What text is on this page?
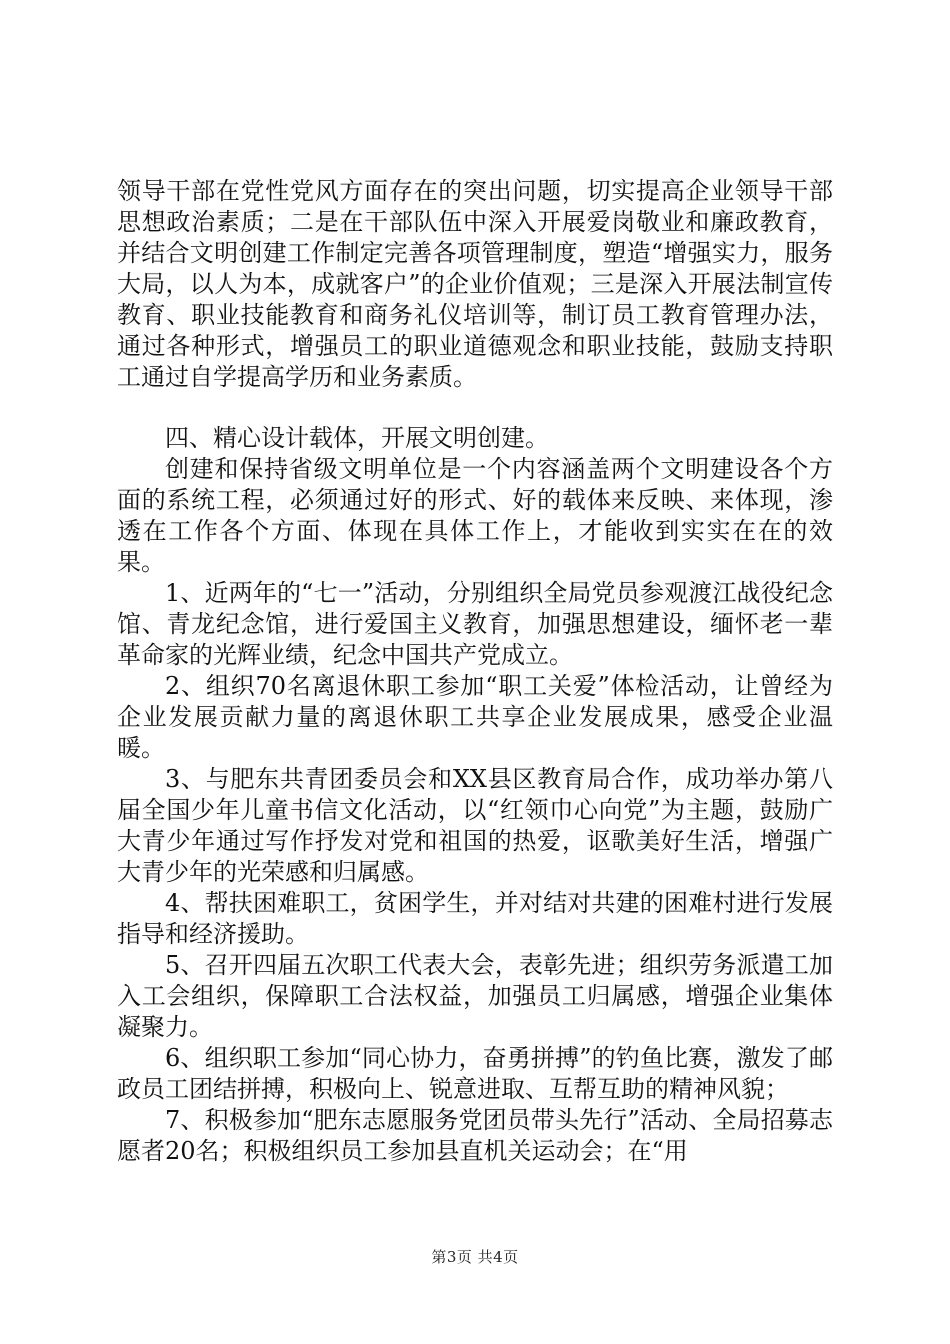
领导干部在党性党风方面存在的突出问题，切实提高企业领导干部思想政治素质；二是在干部队伍中深入开展爱岗敬业和廉政教育，并结合文明创建工作制定完善各项管理制度，塑造“增强实力，服务大局，以人为本，成就客户”的企业价值观；三是深入开展法制宣传教育、职业技能教育和商务礼仪培训等，制订员工教育管理办法，通过各种形式，增强员工的职业道德观念和职业技能，鼓励支持职工通过自学提高学历和业务素质。

四、精心设计载体，开展文明创建。

创建和保持省级文明单位是一个内容涵盖两个文明建设各个方面的系统工程，必须通过好的形式、好的载体来反映、来体现，渗透在工作各个方面、体现在具体工作上，才能收到实实在在的效果。

1、近两年的“七一”活动，分别组织全局党员参观渡江战役纪念馆、青龙纪念馆，进行爱国主义教育，加强思想建设，缅怀老一辈革命家的光辉业绩，纪念中国共产党成立。

2、组织70名离退休职工参加“职工关爱”体检活动，让曾经为企业发展贡献力量的离退休职工共享企业发展成果，感受企业温暖。

3、与肥东共青团委员会和XX县区教育局合作，成功举办第八届全国少年儿童书信文化活动，以“红领巾心向党”为主题，鼓励广大青少年通过写作抒发对党和祖国的热爱，讴歌美好生活，增强广大青少年的光荣感和归属感。

4、帮扶困难职工，贫困学生，并对结对共建的困难村进行发展指导和经济援助。

5、召开四届五次职工代表大会，表彰先进；组织劳务派遣工加入工会组织，保障职工合法权益，加强员工归属感，增强企业集体凝聚力。

6、组织职工参加“同心协力，奋勇拼搏”的钓鱼比赛，激发了邮政员工团结拼搏，积极向上、锐意进取、互帮互助的精神风貌；

7、积极参加“肥东志愿服务党团员带头先行”活动、全局招募志愿者20名；积极组织员工参加县直机关运动会；在“用

第3页 共4页
